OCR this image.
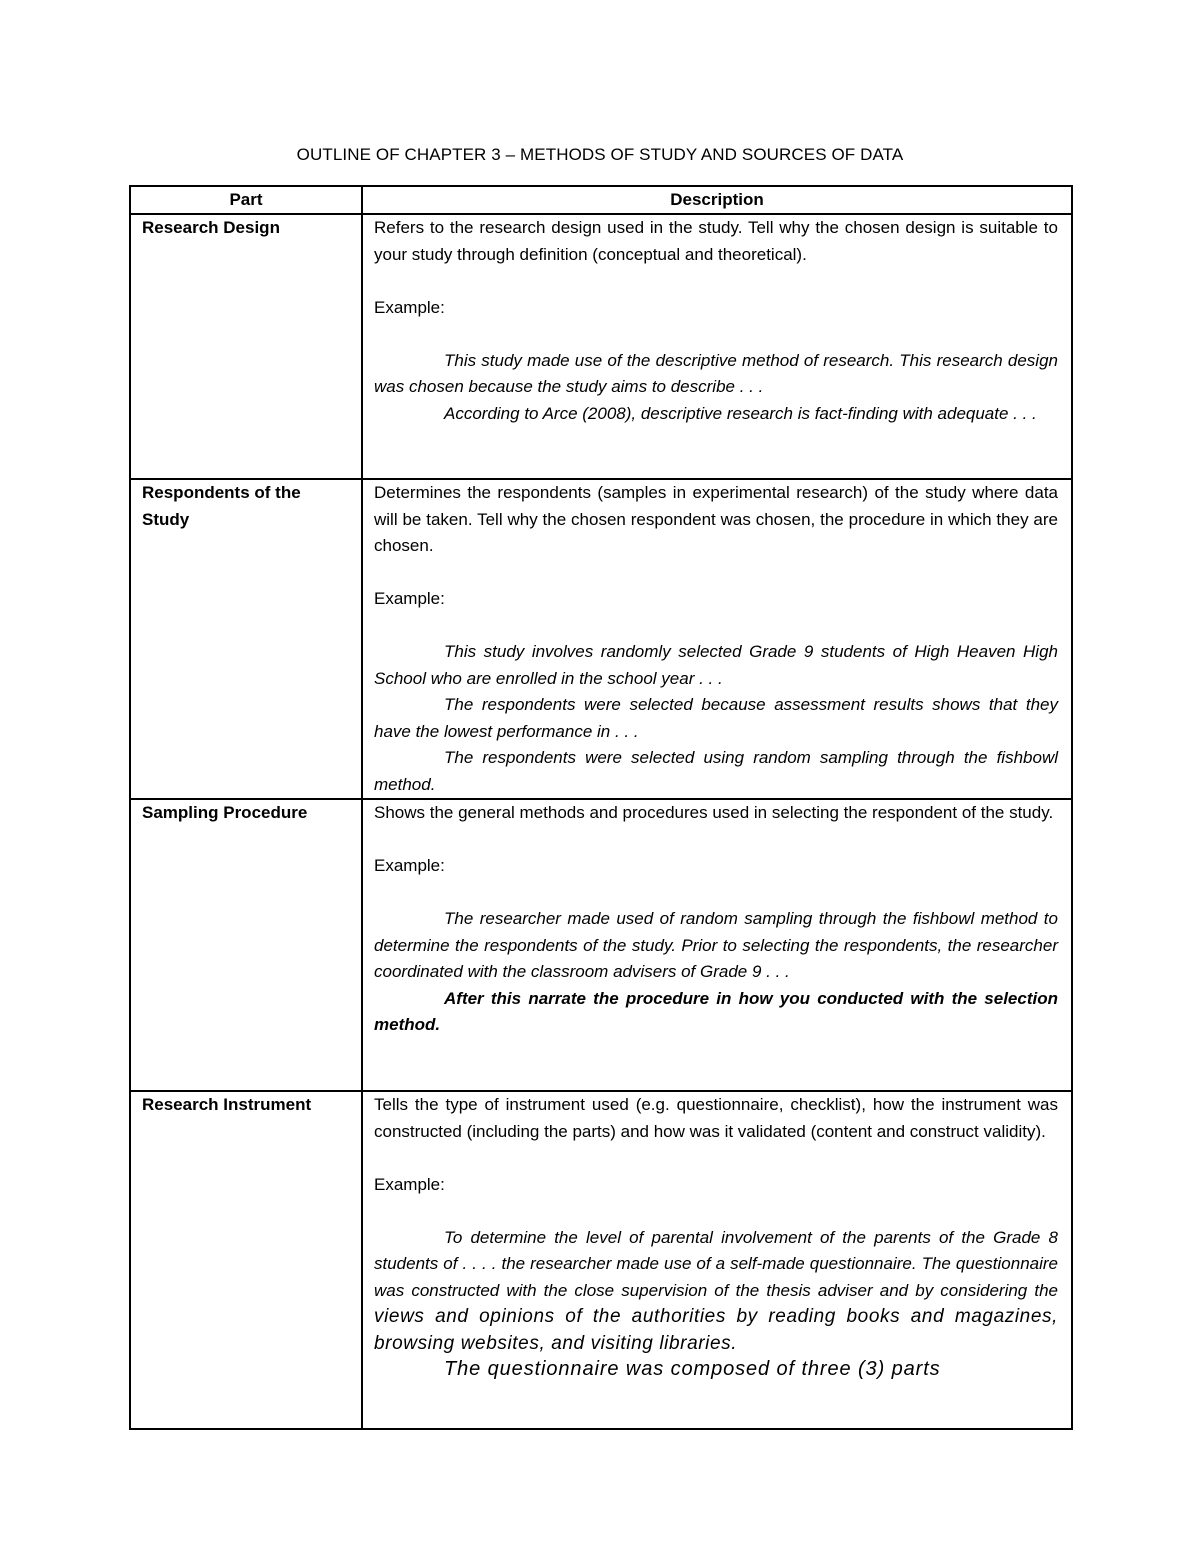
OUTLINE OF CHAPTER 3 – METHODS OF STUDY AND SOURCES OF DATA
Part	Description
Research Design	Refers to the research design used in the study. Tell why the chosen design is suitable to your study through definition (conceptual and theoretical).

Example:

This study made use of the descriptive method of research. This research design was chosen because the study aims to describe . . .

According to Arce (2008), descriptive research is fact-finding with adequate . . .

Respondents of the Study	Determines the respondents (samples in experimental research) of the study where data will be taken. Tell why the chosen respondent was chosen, the procedure in which they are chosen.

Example:

This study involves randomly selected Grade 9 students of High Heaven High School who are enrolled in the school year . . .

The respondents were selected because assessment results shows that they have the lowest performance in . . .

The respondents were selected using random sampling through the fishbowl method.

Sampling Procedure	Shows the general methods and procedures used in selecting the respondent of the study.

Example:

The researcher made used of random sampling through the fishbowl method to determine the respondents of the study. Prior to selecting the respondents, the researcher coordinated with the classroom advisers of Grade 9 . . .

After this narrate the procedure in how you conducted with the selection method.

Research Instrument	Tells the type of instrument used (e.g. questionnaire, checklist), how the instrument was constructed (including the parts) and how was it validated (content and construct validity).

Example:

To determine the level of parental involvement of the parents of the Grade 8 students of . . . . the researcher made use of a self-made questionnaire. The questionnaire was constructed with the close supervision of the thesis adviser and by considering the views and opinions of the authorities by reading books and magazines, browsing websites, and visiting libraries.

The questionnaire was composed of three (3) parts
